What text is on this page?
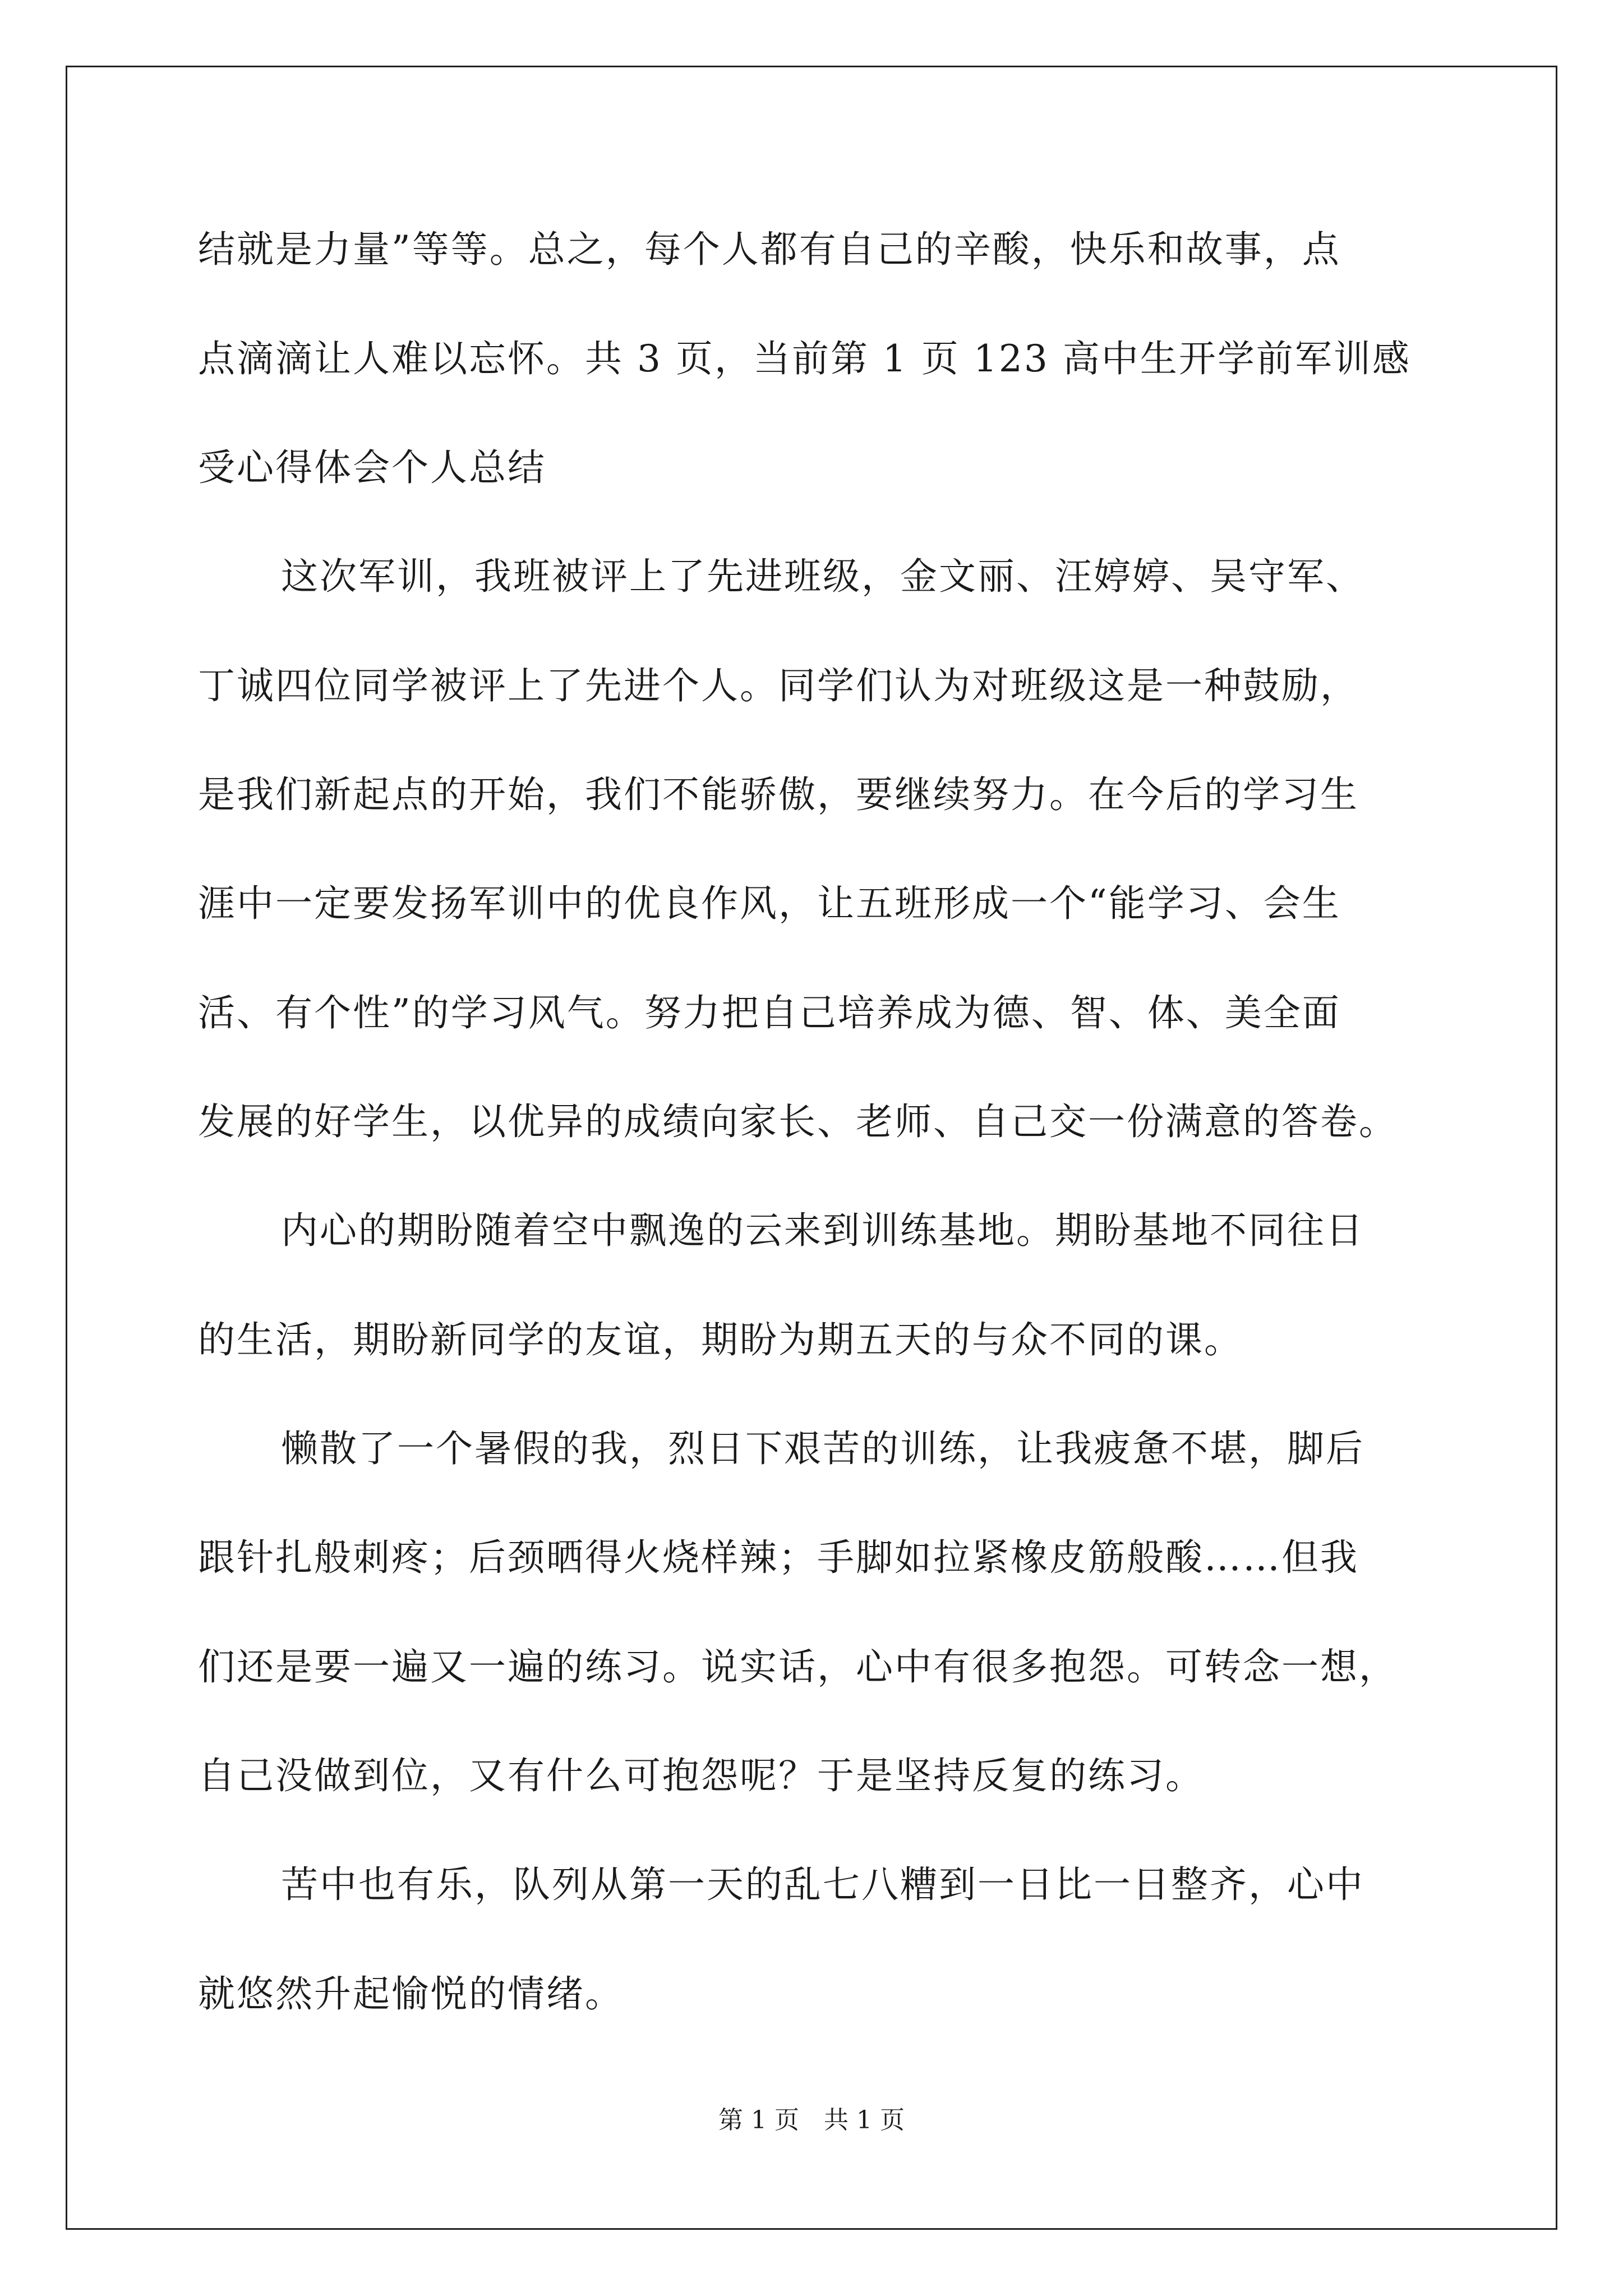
结就是力量”等等。总之，每个人都有自己的辛酸，快乐和故事，点
点滴滴让人难以忘怀。共 3 页，当前第 1 页 123 高中生开学前军训感
受心得体会个人总结
这次军训，我班被评上了先进班级，金文丽、汪婷婷、吴守军、
丁诚四位同学被评上了先进个人。同学们认为对班级这是一种鼓励，
是我们新起点的开始，我们不能骄傲，要继续努力。在今后的学习生
涯中一定要发扬军训中的优良作风，让五班形成一个“能学习、会生
活、有个性”的学习风气。努力把自己培养成为德、智、体、美全面
发展的好学生，以优异的成绩向家长、老师、自己交一份满意的答卷。
内心的期盼随着空中飘逸的云来到训练基地。期盼基地不同往日
的生活，期盼新同学的友谊，期盼为期五天的与众不同的课。
懒散了一个暑假的我，烈日下艰苦的训练，让我疲惫不堪，脚后
跟针扎般刺疼；后颈晒得火烧样辣；手脚如拉紧橡皮筋般酸……但我
们还是要一遍又一遍的练习。说实话，心中有很多抱怨。可转念一想，
自己没做到位，又有什么可抱怨呢？于是坚持反复的练习。
苦中也有乐，队列从第一天的乱七八糟到一日比一日整齐，心中
就悠然升起愉悦的情绪。
第 1 页　共 1 页
